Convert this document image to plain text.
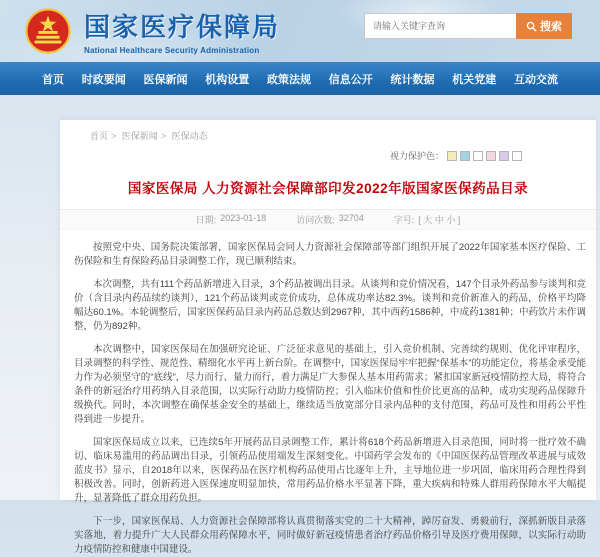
国家医疗保障局
National Healthcare Security Administration
请输入关键字查询
搜索
首页 时政要闻 医保新闻 机构设置 政策法规 信息公开 统计数据 机关党建 互动交流
首页 > 医保新闻 > 医保动态
视力保护色：
国家医保局 人力资源社会保障部印发2022年版国家医保药品目录
日期: 2023-01-18	访问次数: 32704	字号: [ 大 中 小 ]

按照党中央、国务院决策部署，国家医保局会同人力资源社会保障部等部门组织开展了2022年国家基本医疗保险、工伤保险和生育保险药品目录调整工作，现已顺利结束。

本次调整，共有111个药品新增进入目录，3个药品被调出目录。从谈判和竞价情况看，147个目录外药品参与谈判和竞价（含目录内药品续约谈判），121个药品谈判或竞价成功，总体成功率达82.3%。谈判和竞价新准入的药品，价格平均降幅达60.1%。本轮调整后，国家医保药品目录内药品总数达到2967种，其中西药1586种，中成药1381种；中药饮片未作调整，仍为892种。

本次调整中，国家医保局在加强研究论证、广泛征求意见的基础上，引入竞价机制、完善续约规则、优化评审程序，目录调整的科学性、规范性、精细化水平再上新台阶。在调整中，国家医保局牢牢把握“保基本”的功能定位，将基金承受能力作为必须坚守的“底线”，尽力而行、量力而行，着力满足广大参保人基本用药需求；紧扣国家新冠疫情防控大局，将符合条件的新冠治疗用药纳入目录范围，以实际行动助力疫情防控；引入临床价值和性价比更高的品种，成功实现药品保障升级换代。同时，本次调整在确保基金安全的基础上，继续适当放宽部分目录内品种的支付范围，药品可及性和用药公平性得到进一步提升。

国家医保局成立以来，已连续5年开展药品目录调整工作，累计将618个药品新增进入目录范围，同时将一批疗效不确切、临床易滥用的药品调出目录，引领药品使用端发生深刻变化。中国药学会发布的《中国医保药品管理改革进展与成效蓝皮书》显示，自2018年以来，医保药品在医疗机构药品使用占比逐年上升，主导地位进一步巩固，临床用药合理性得到积极改善。同时，创新药进入医保速度明显加快，常用药品价格水平显著下降，重大疾病和特殊人群用药保障水平大幅提升，显著降低了群众用药负担。

下一步，国家医保局、人力资源社会保障部将认真贯彻落实党的二十大精神，踔厉奋发、勇毅前行，深抓新版目录落实落地，着力提升广大人民群众用药保障水平，同时做好新冠疫情患者治疗药品价格引导及医疗费用保障，以实际行动助力疫情防控和健康中国建设。
